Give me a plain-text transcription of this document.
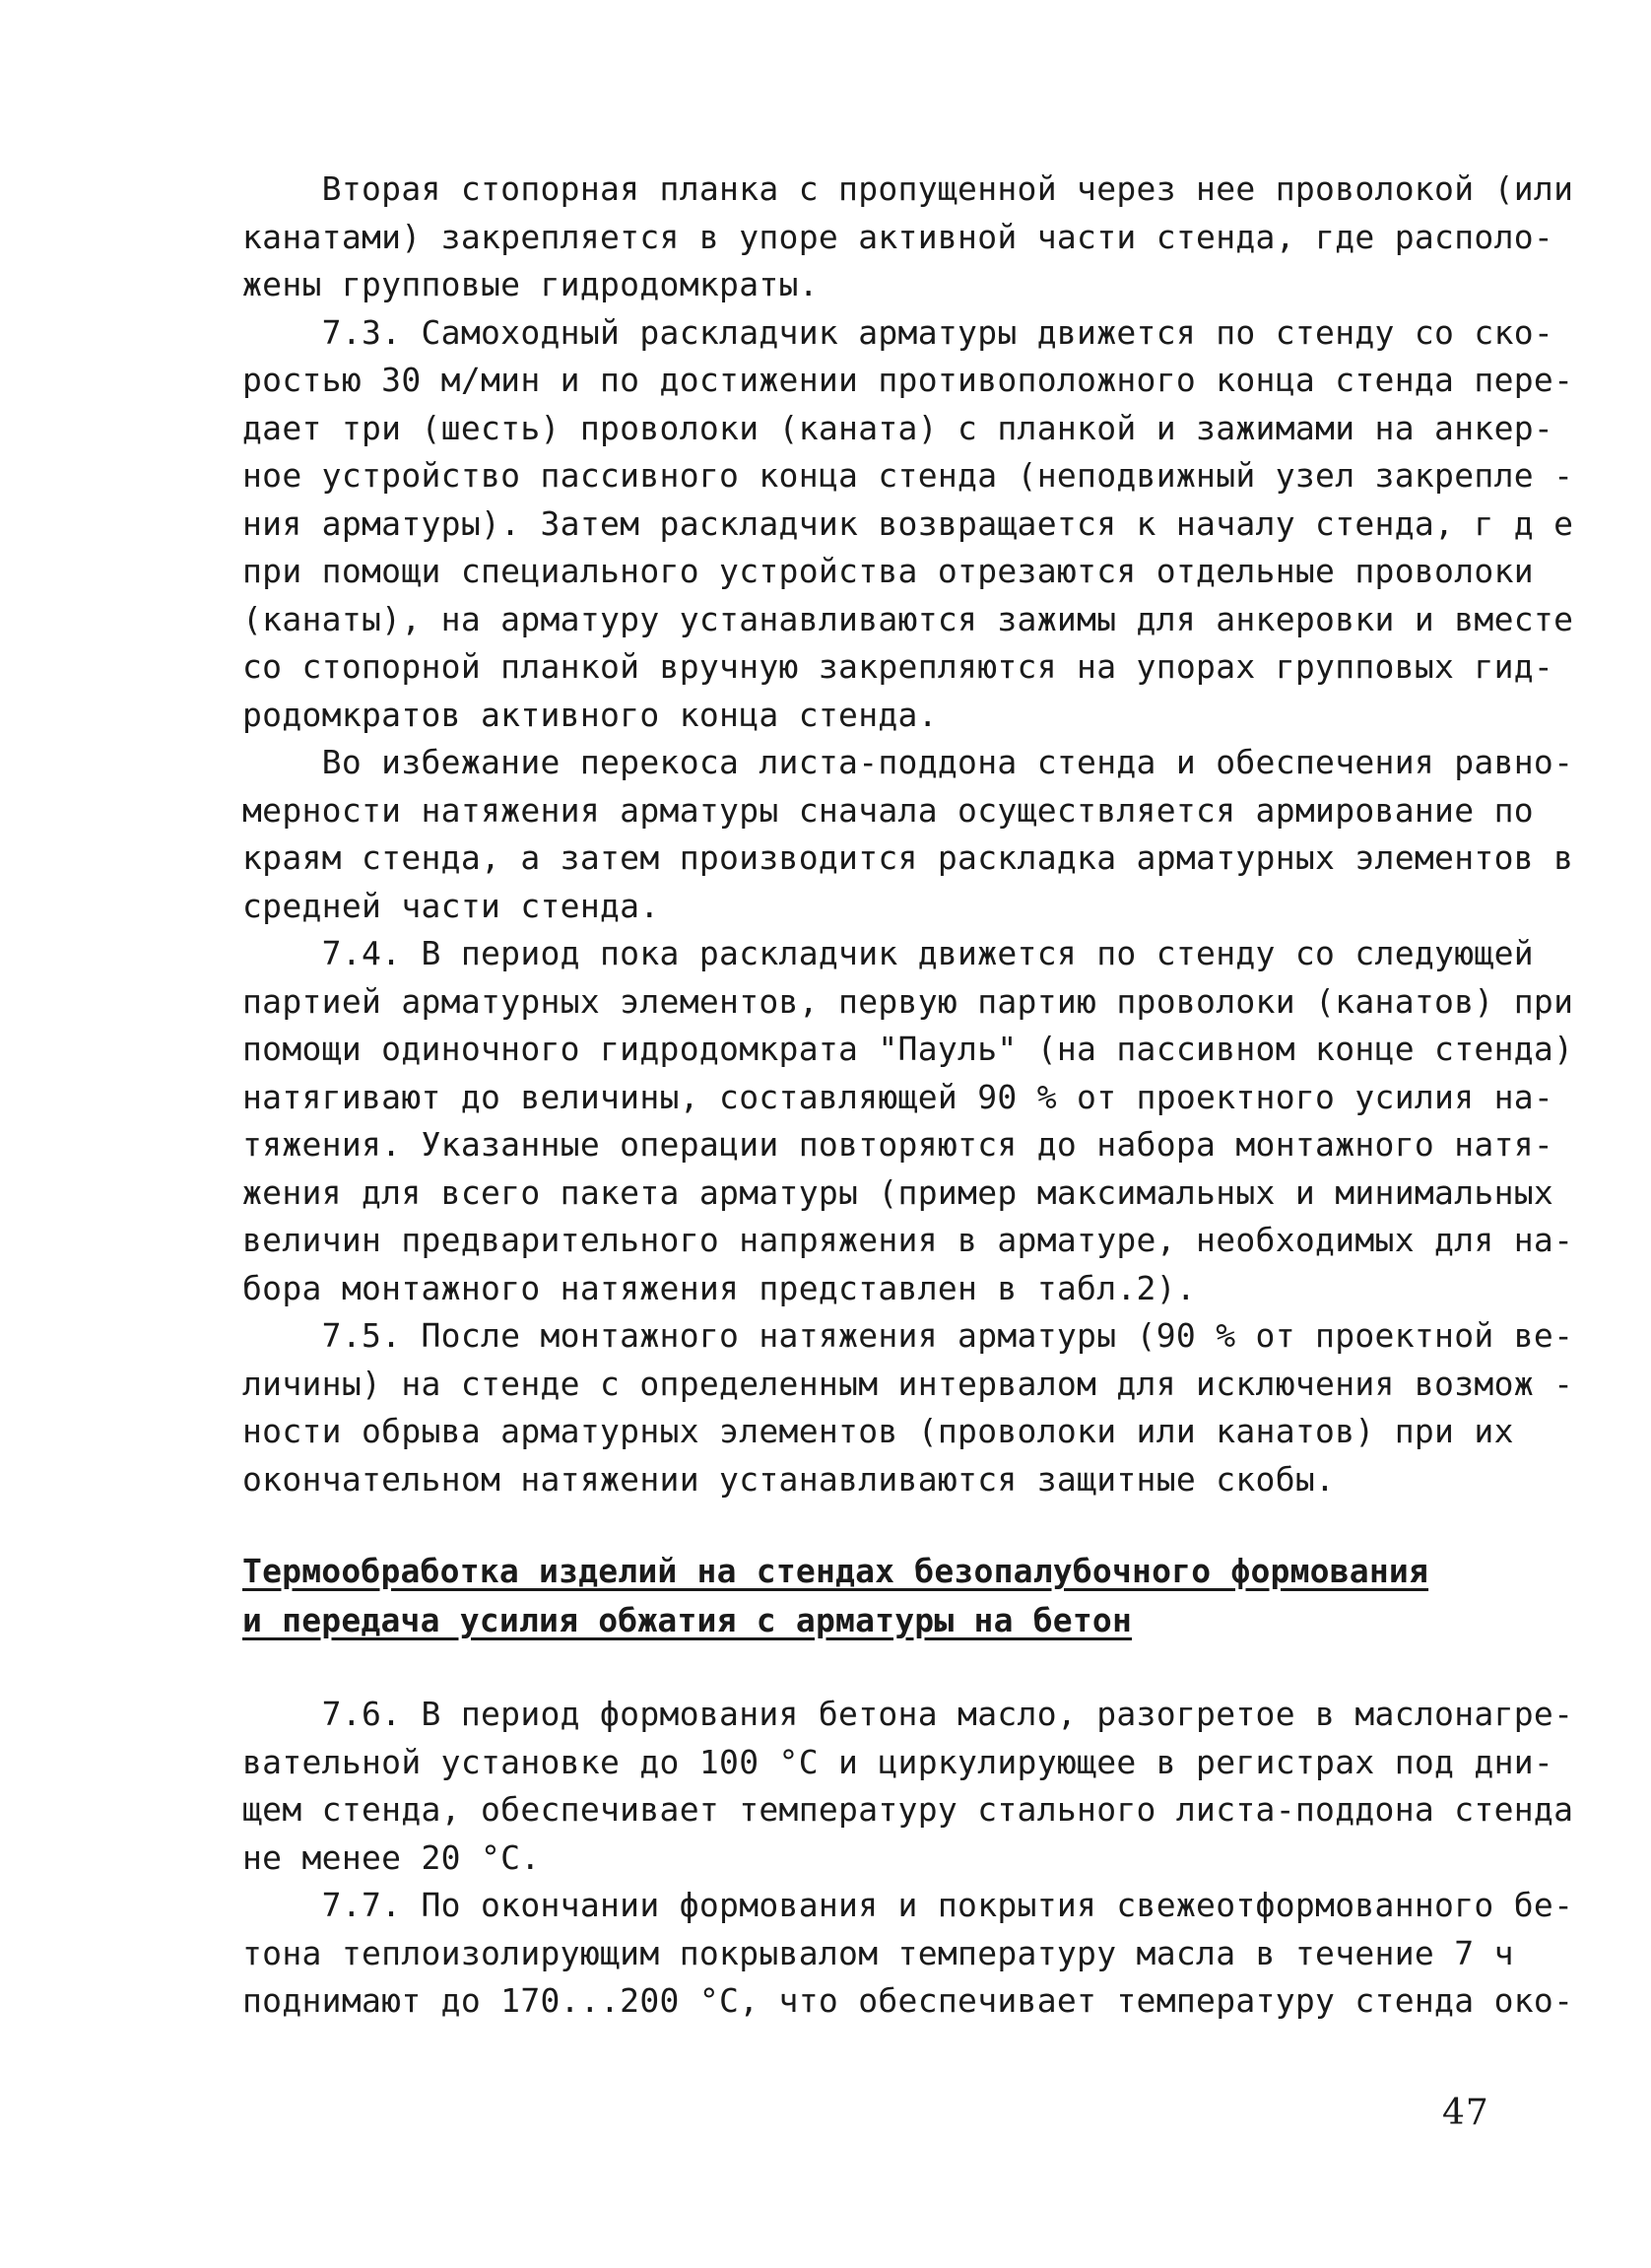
Вторая стопорная планка с пропущенной через нее проволокой (или
канатами) закрепляется в упоре активной части стенда, где располо-
жены групповые гидродомкраты.

7.3. Самоходный раскладчик арматуры движется по стенду со ско-
ростью 30 м/мин и по достижении противоположного конца стенда пере-
дает три (шесть) проволоки (каната) с планкой и зажимами на анкер-
ное устройство пассивного конца стенда (неподвижный узел закрепле -
ния арматуры). Затем раскладчик возвращается к началу стенда, г д е
при помощи специального устройства отрезаются отдельные проволоки
(канаты), на арматуру устанавливаются зажимы для анкеровки и вместе
со стопорной планкой вручную закрепляются на упорах групповых гид-
родомкратов активного конца стенда.

Во избежание перекоса листа-поддона стенда и обеспечения равно-
мерности натяжения арматуры сначала осуществляется армирование по
краям стенда, а затем производится раскладка арматурных элементов в
средней части стенда.

7.4. В период пока раскладчик движется по стенду со следующей
партией арматурных элементов, первую партию проволоки (канатов) при
помощи одиночного гидродомкрата "Пауль" (на пассивном конце стенда)
натягивают до величины, составляющей 90 % от проектного усилия на-
тяжения. Указанные операции повторяются до набора монтажного натя-
жения для всего пакета арматуры (пример максимальных и минимальных
величин предварительного напряжения в арматуре, необходимых для на-
бора монтажного натяжения представлен в табл.2).

7.5. После монтажного натяжения арматуры (90 % от проектной ве-
личины) на стенде с определенным интервалом для исключения возмож -
ности обрыва арматурных элементов (проволоки или канатов) при их
окончательном натяжении устанавливаются защитные скобы.

Термообработка изделий на стендах безопалубочного формования
и передача усилия обжатия с арматуры на бетон

7.6. В период формования бетона масло, разогретое в маслонагре-
вательной установке до 100 °С и циркулирующее в регистрах под дни-
щем стенда, обеспечивает температуру стального листа-поддона стенда
не менее 20 °С.

7.7. По окончании формования и покрытия свежеотформованного бе-
тона теплоизолирующим покрывалом температуру масла в течение 7 ч
поднимают до 170...200 °С, что обеспечивает температуру стенда око-

47
